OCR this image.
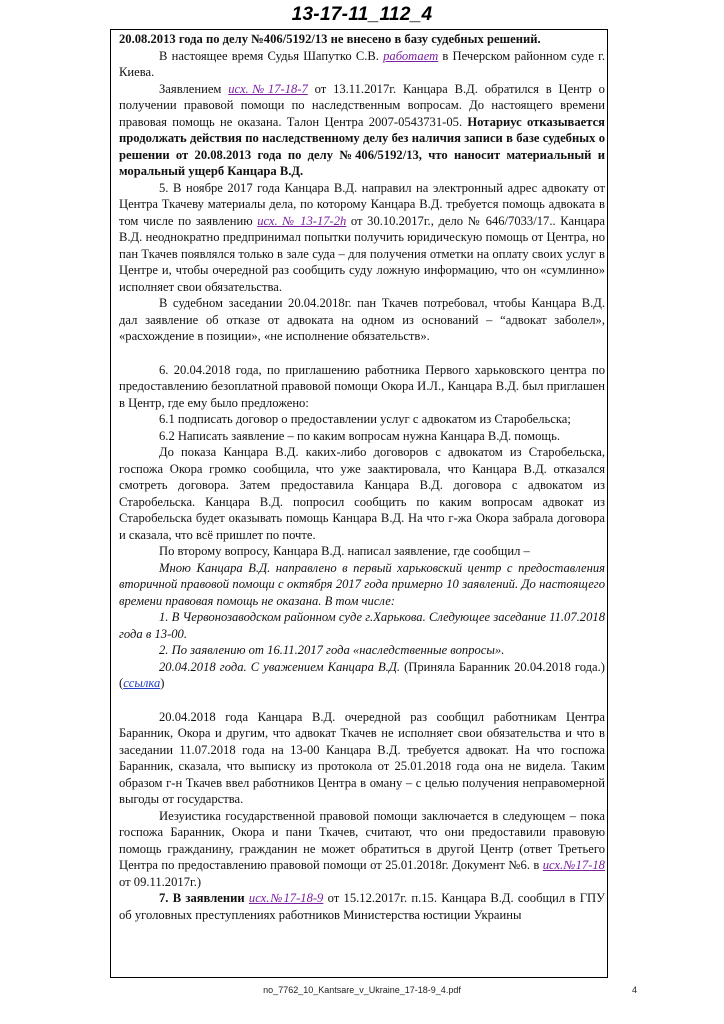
13-17-11_112_4

20.08.2013 года по делу №406/5192/13 не внесено в базу судебных решений.

В настоящее время Судья Шапутко С.В. работает в Печерском районном суде г. Киева.

Заявлением исх.№17-18-7 от 13.11.2017г. Канцара В.Д. обратился в Центр о получении правовой помощи по наследственным вопросам. До настоящего времени правовая помощь не оказана. Талон Центра 2007-0543731-05. Нотариус отказывается продолжать действия по наследственному делу без наличия записи в базе судебных о решении от 20.08.2013 года по делу №406/5192/13, что наносит материальный и моральный ущерб Канцара В.Д.

5. В ноябре 2017 года Канцара В.Д. направил на электронный адрес адвокату от Центра Ткачеву материалы дела, по которому Канцара В.Д. требуется помощь адвоката в том числе по заявлению исх. № 13-17-2h от 30.10.2017г., дело № 646/7033/17.. Канцара В.Д. неоднократно предпринимал попытки получить юридическую помощь от Центра, но пан Ткачев появлялся только в зале суда – для получения отметки на оплату своих услуг в Центре и, чтобы очередной раз сообщить суду ложную информацию, что он «сумлинно» исполняет свои обязательства.

В судебном заседании 20.04.2018г. пан Ткачев потребовал, чтобы Канцара В.Д. дал заявление об отказе от адвоката на одном из оснований – “адвокат заболел», «расхождение в позиции», «не исполнение обязательств».

6. 20.04.2018 года, по приглашению работника Первого харьковского центра по предоставлению безоплатной правовой помощи Окора И.Л., Канцара В.Д. был приглашен в Центр, где ему было предложено:

6.1 подписать договор о предоставлении услуг с адвокатом из Старобельска;

6.2 Написать заявление – по каким вопросам нужна Канцара В.Д. помощь.

До показа Канцара В.Д. каких-либо договоров с адвокатом из Старобельска, госпожа Окора громко сообщила, что уже заактировала, что Канцара В.Д. отказался смотреть договора. Затем предоставила Канцара В.Д. договора с адвокатом из Старобельска. Канцара В.Д. попросил сообщить по каким вопросам адвокат из Старобельска будет оказывать помощь Канцара В.Д. На что г-жа Окора забрала договора и сказала, что всё пришлет по почте.

По второму вопросу, Канцара В.Д. написал заявление, где сообщил –

Мною Канцара В.Д. направлено в первый харьковский центр с предоставления вторичной правовой помощи с октября 2017 года примерно 10 заявлений. До настоящего времени правовая помощь не оказана. В том числе:

1. В Червонозаводском районном суде г.Харькова. Следующее заседание 11.07.2018 года в 13-00.

2. По заявлению от 16.11.2017 года «наследственные вопросы».

20.04.2018 года. С уважением Канцара В.Д. (Приняла Баранник 20.04.2018 года.) (ссылка)

20.04.2018 года Канцара В.Д. очередной раз сообщил работникам Центра Баранник, Окора и другим, что адвокат Ткачев не исполняет свои обязательства и что в заседании 11.07.2018 года на 13-00 Канцара В.Д. требуется адвокат. На что госпожа Баранник, сказала, что выписку из протокола от 25.01.2018 года она не видела. Таким образом г-н Ткачев ввел работников Центра в оману – с целью получения неправомерной выгоды от государства.

Иезуистика государственной правовой помощи заключается в следующем – пока госпожа Баранник, Окора и пани Ткачев, считают, что они предоставили правовую помощь гражданину, гражданин не может обратиться в другой Центр (ответ Третьего Центра по предоставлению правовой помощи от 25.01.2018г. Документ №6. в исх.№17-18 от 09.11.2017г.)

7. В заявлении исх.№17-18-9 от 15.12.2017г. п.15. Канцара В.Д. сообщил в ГПУ об уголовных преступлениях работников Министерства юстиции Украины

no_7762_10_Kantsare_v_Ukraine_17-18-9_4.pdf	4
